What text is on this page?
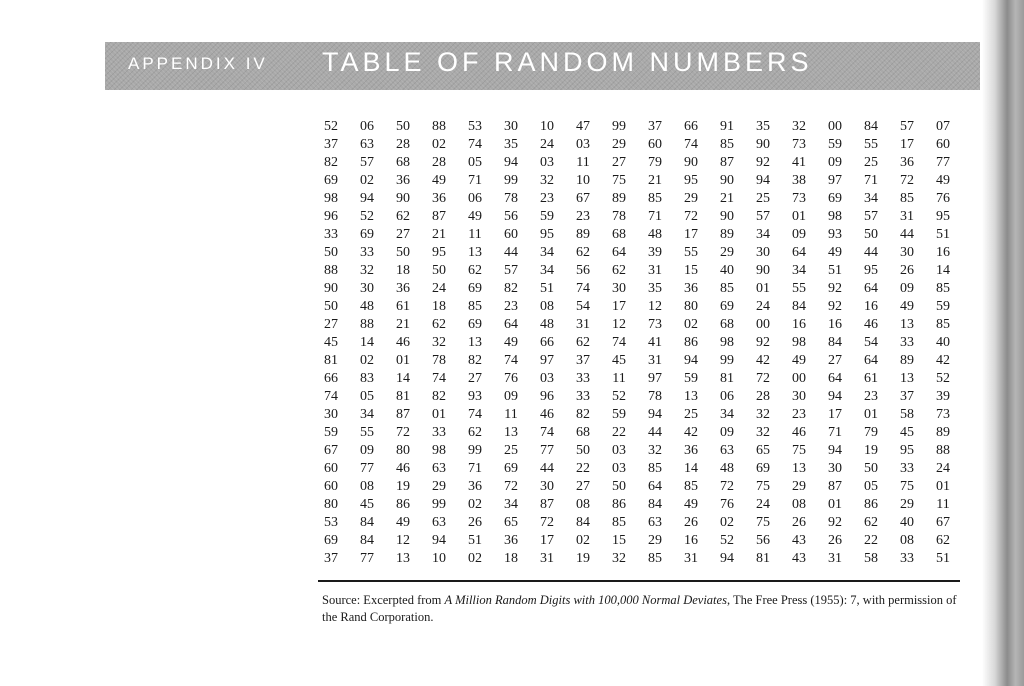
APPENDIX IV TABLE OF RANDOM NUMBERS
52	06	50	88	53	30	10	47	99	37	66	91	35	32	00	84	57	07
37	63	28	02	74	35	24	03	29	60	74	85	90	73	59	55	17	60
82	57	68	28	05	94	03	11	27	79	90	87	92	41	09	25	36	77
69	02	36	49	71	99	32	10	75	21	95	90	94	38	97	71	72	49
98	94	90	36	06	78	23	67	89	85	29	21	25	73	69	34	85	76
96	52	62	87	49	56	59	23	78	71	72	90	57	01	98	57	31	95
33	69	27	21	11	60	95	89	68	48	17	89	34	09	93	50	44	51
50	33	50	95	13	44	34	62	64	39	55	29	30	64	49	44	30	16
88	32	18	50	62	57	34	56	62	31	15	40	90	34	51	95	26	14
90	30	36	24	69	82	51	74	30	35	36	85	01	55	92	64	09	85
50	48	61	18	85	23	08	54	17	12	80	69	24	84	92	16	49	59
27	88	21	62	69	64	48	31	12	73	02	68	00	16	16	46	13	85
45	14	46	32	13	49	66	62	74	41	86	98	92	98	84	54	33	40
81	02	01	78	82	74	97	37	45	31	94	99	42	49	27	64	89	42
66	83	14	74	27	76	03	33	11	97	59	81	72	00	64	61	13	52
74	05	81	82	93	09	96	33	52	78	13	06	28	30	94	23	37	39
30	34	87	01	74	11	46	82	59	94	25	34	32	23	17	01	58	73
59	55	72	33	62	13	74	68	22	44	42	09	32	46	71	79	45	89
67	09	80	98	99	25	77	50	03	32	36	63	65	75	94	19	95	88
60	77	46	63	71	69	44	22	03	85	14	48	69	13	30	50	33	24
60	08	19	29	36	72	30	27	50	64	85	72	75	29	87	05	75	01
80	45	86	99	02	34	87	08	86	84	49	76	24	08	01	86	29	11
53	84	49	63	26	65	72	84	85	63	26	02	75	26	92	62	40	67
69	84	12	94	51	36	17	02	15	29	16	52	56	43	26	22	08	62
37	77	13	10	02	18	31	19	32	85	31	94	81	43	31	58	33	51
Source: Excerpted from A Million Random Digits with 100,000 Normal Deviates, The Free Press (1955): 7, with permission of the Rand Corporation.
